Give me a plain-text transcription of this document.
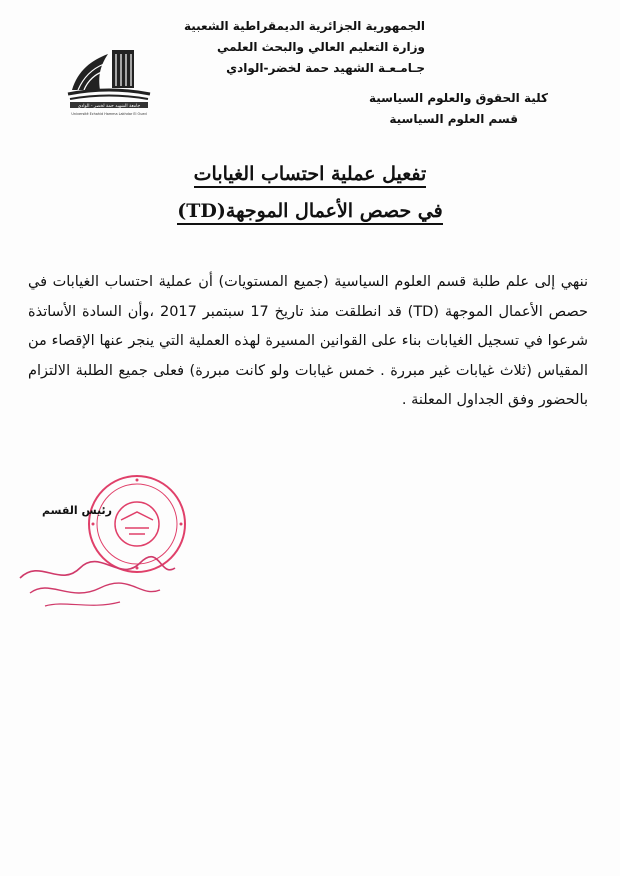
الجمهورية الجزائرية الديمقراطية الشعبية
وزارة التعليم العالي والبحث العلمي
جـامـعـة الشهيد حمة لخضر-الوادي
كلية الحقوق والعلوم السياسية
قسم العلوم السياسية
جامعة الشهيد حمة لخضر - الوادي
Université Echahid Hamma Lakhdar El Oued
تفعيل عملية احتساب الغيابات
في حصص الأعمال الموجهة(TD)

ننهي إلى علم طلبة قسم العلوم السياسية (جميع المستويات) أن عملية احتساب الغيابات في حصص الأعمال الموجهة (TD) قد انطلقت منذ تاريخ 17 سبتمبر 2017 ،وأن السادة الأساتذة شرعوا في تسجيل الغيابات بناء على القوانين المسيرة لهذه العملية التي ينجر عنها الإقصاء من المقياس (ثلاث غيابات غير مبررة . خمس غيابات ولو كانت مبررة) فعلى جميع الطلبة الالتزام بالحضور وفق الجداول المعلنة .

رئيس القسم
